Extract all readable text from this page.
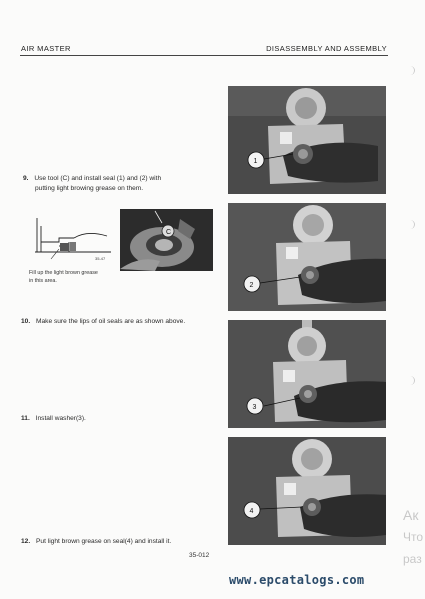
AIR MASTER	DISASSEMBLY AND ASSEMBLY
9. Use tool (C) and install seal (1) and (2) with
putting light browing grease on them.
35-47
C
Fill up the light brown grease
in this area.
10. Make sure the lips of oil seals are as shown above.
11. Install washer(3).
12. Put light brown grease on seal(4) and install it.
1
2
3
4
35-012
Ак
Что
раз
www.epcatalogs.com
